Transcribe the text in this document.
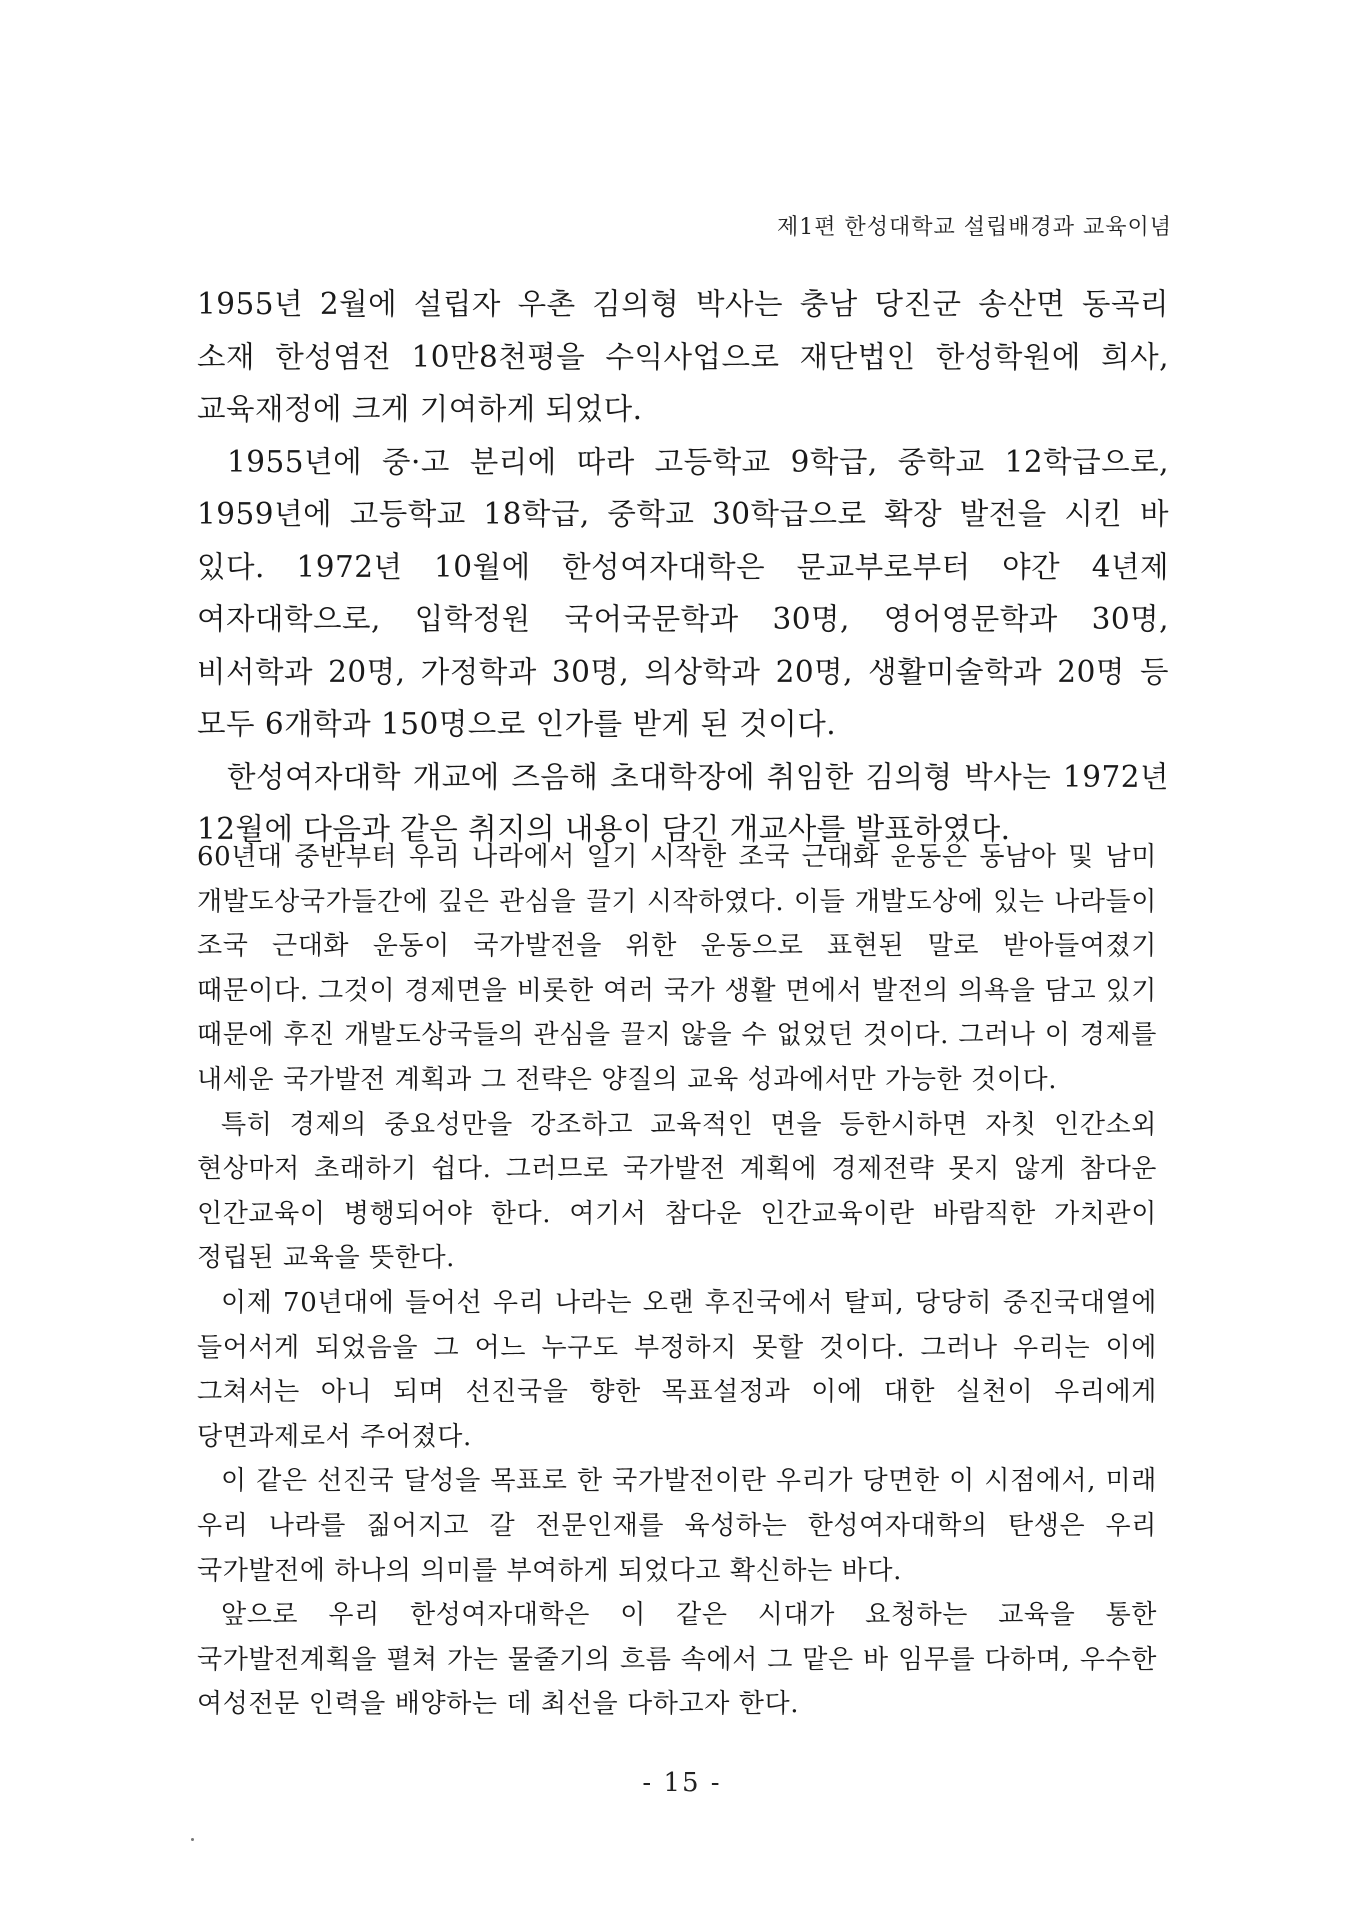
제1편 한성대학교 설립배경과 교육이념

1955년 2월에 설립자 우촌 김의형 박사는 충남 당진군 송산면 동곡리 소재 한성염전 10만8천평을 수익사업으로 재단법인 한성학원에 희사, 교육재정에 크게 기여하게 되었다.

1955년에 중·고 분리에 따라 고등학교 9학급, 중학교 12학급으로, 1959년에 고등학교 18학급, 중학교 30학급으로 확장 발전을 시킨 바 있다. 1972년 10월에 한성여자대학은 문교부로부터 야간 4년제 여자대학으로, 입학정원 국어국문학과 30명, 영어영문학과 30명, 비서학과 20명, 가정학과 30명, 의상학과 20명, 생활미술학과 20명 등 모두 6개학과 150명으로 인가를 받게 된 것이다.

한성여자대학 개교에 즈음해 초대학장에 취임한 김의형 박사는 1972년 12월에 다음과 같은 취지의 내용이 담긴 개교사를 발표하였다.

60년대 중반부터 우리 나라에서 일기 시작한 조국 근대화 운동은 동남아 및 남미 개발도상국가들간에 깊은 관심을 끌기 시작하였다. 이들 개발도상에 있는 나라들이 조국 근대화 운동이 국가발전을 위한 운동으로 표현된 말로 받아들여졌기 때문이다. 그것이 경제면을 비롯한 여러 국가 생활 면에서 발전의 의욕을 담고 있기 때문에 후진 개발도상국들의 관심을 끌지 않을 수 없었던 것이다. 그러나 이 경제를 내세운 국가발전 계획과 그 전략은 양질의 교육 성과에서만 가능한 것이다.

특히 경제의 중요성만을 강조하고 교육적인 면을 등한시하면 자칫 인간소외 현상마저 초래하기 쉽다. 그러므로 국가발전 계획에 경제전략 못지 않게 참다운 인간교육이 병행되어야 한다. 여기서 참다운 인간교육이란 바람직한 가치관이 정립된 교육을 뜻한다.

이제 70년대에 들어선 우리 나라는 오랜 후진국에서 탈피, 당당히 중진국대열에 들어서게 되었음을 그 어느 누구도 부정하지 못할 것이다. 그러나 우리는 이에 그쳐서는 아니 되며 선진국을 향한 목표설정과 이에 대한 실천이 우리에게 당면과제로서 주어졌다.

이 같은 선진국 달성을 목표로 한 국가발전이란 우리가 당면한 이 시점에서, 미래 우리 나라를 짊어지고 갈 전문인재를 육성하는 한성여자대학의 탄생은 우리 국가발전에 하나의 의미를 부여하게 되었다고 확신하는 바다.

앞으로 우리 한성여자대학은 이 같은 시대가 요청하는 교육을 통한 국가발전계획을 펼쳐 가는 물줄기의 흐름 속에서 그 맡은 바 임무를 다하며, 우수한 여성전문 인력을 배양하는 데 최선을 다하고자 한다.

- 15 -
